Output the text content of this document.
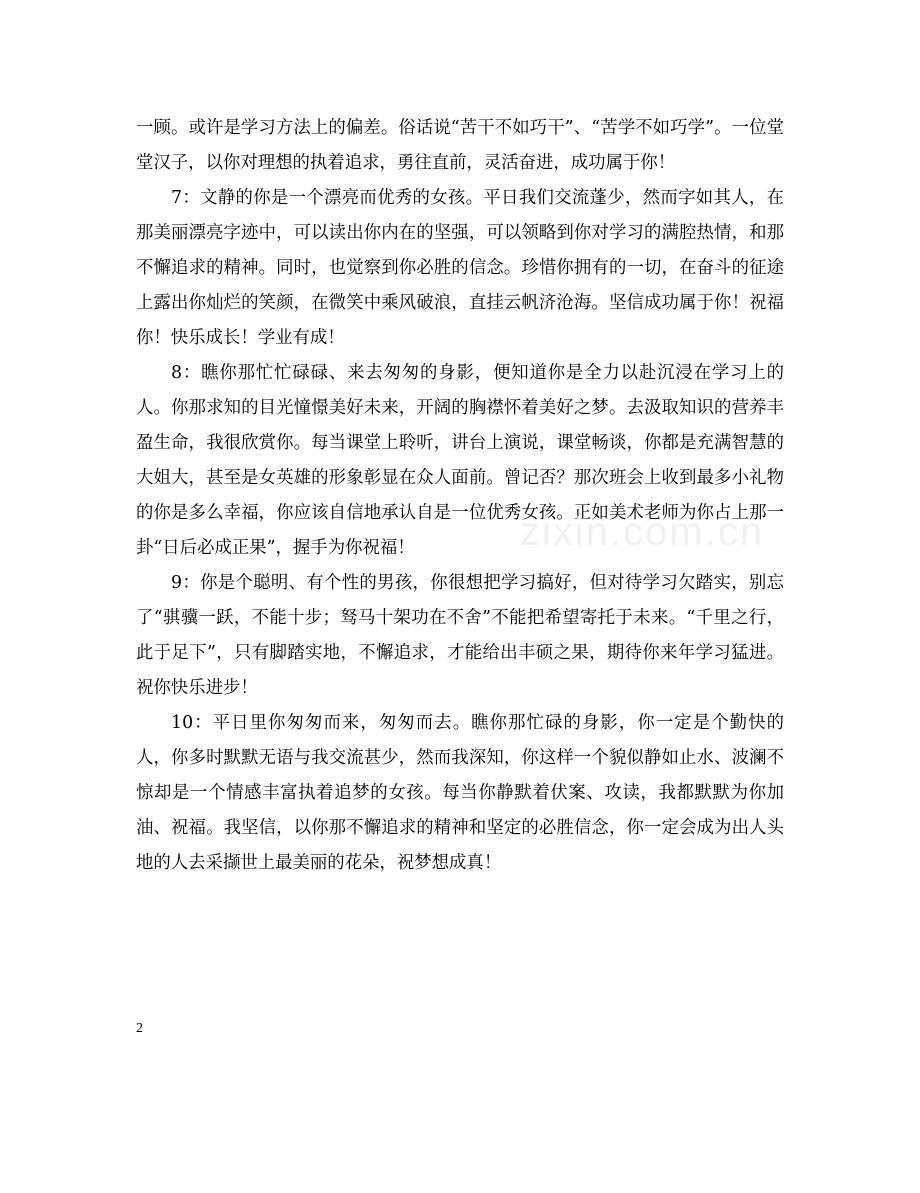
一顾。或许是学习方法上的偏差。俗话说“苦干不如巧干”、“苦学不如巧学”。一位堂堂汉子，以你对理想的执着追求，勇往直前，灵活奋进，成功属于你！

7：文静的你是一个漂亮而优秀的女孩。平日我们交流蓬少，然而字如其人，在那美丽漂亮字迹中，可以读出你内在的坚强，可以领略到你对学习的满腔热情，和那不懈追求的精神。同时，也觉察到你必胜的信念。珍惜你拥有的一切，在奋斗的征途上露出你灿烂的笑颜，在微笑中乘风破浪，直挂云帆济沧海。坚信成功属于你！祝福你！快乐成长！学业有成！

8：瞧你那忙忙碌碌、来去匆匆的身影，便知道你是全力以赴沉浸在学习上的人。你那求知的目光憧憬美好未来，开阔的胸襟怀着美好之梦。去汲取知识的营养丰盈生命，我很欣赏你。每当课堂上聆听，讲台上演说，课堂畅谈，你都是充满智慧的大姐大，甚至是女英雄的形象彰显在众人面前。曾记否？那次班会上收到最多小礼物的你是多么幸福，你应该自信地承认自是一位优秀女孩。正如美术老师为你占上那一卦“日后必成正果”，握手为你祝福！

9：你是个聪明、有个性的男孩，你很想把学习搞好，但对待学习欠踏实，别忘了“骐骥一跃，不能十步；驽马十架功在不舍”不能把希望寄托于未来。“千里之行，此于足下”，只有脚踏实地，不懈追求，才能给出丰硕之果，期待你来年学习猛进。祝你快乐进步！

10：平日里你匆匆而来，匆匆而去。瞧你那忙碌的身影，你一定是个勤快的人，你多时默默无语与我交流甚少，然而我深知，你这样一个貌似静如止水、波澜不惊却是一个情感丰富执着追梦的女孩。每当你静默着伏案、攻读，我都默默为你加油、祝福。我坚信，以你那不懈追求的精神和坚定的必胜信念，你一定会成为出人头地的人去采撷世上最美丽的花朵，祝梦想成真！

zixin.com.cn
2
